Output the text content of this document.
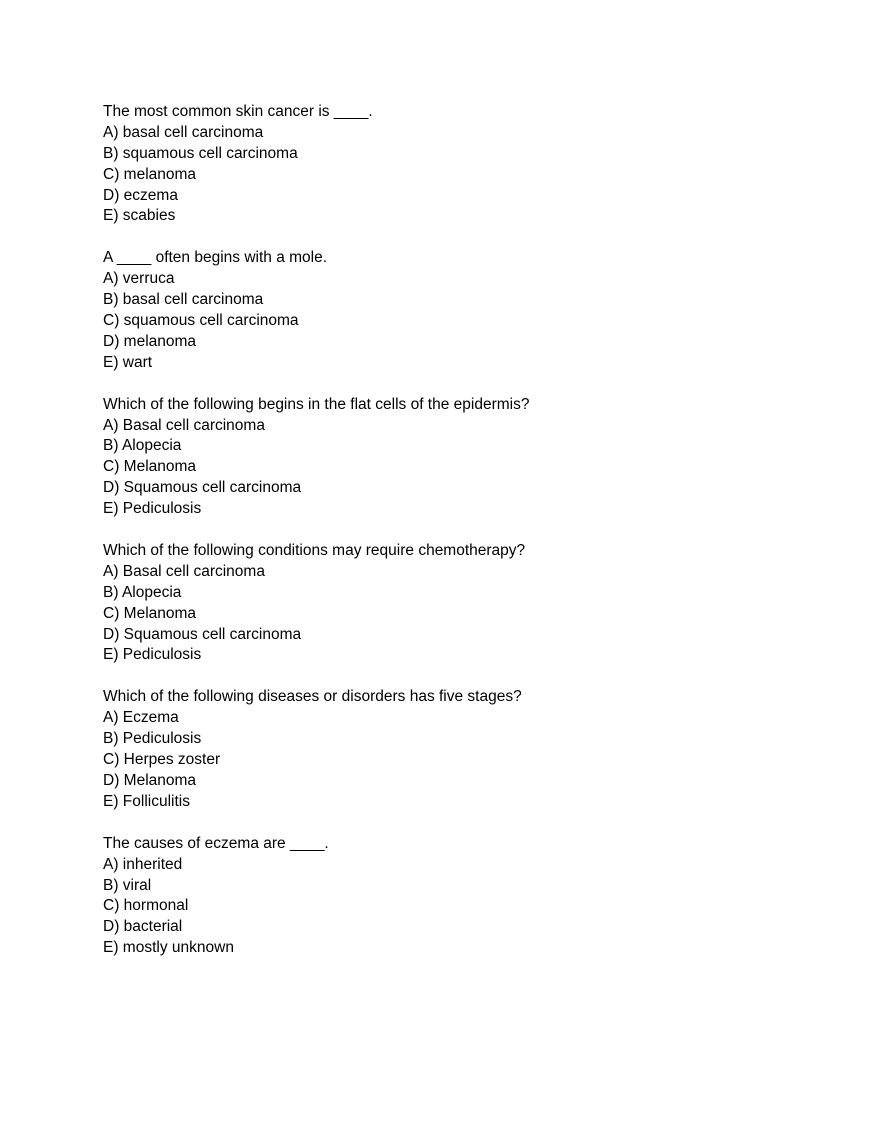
The most common skin cancer is ____.
A) basal cell carcinoma
B) squamous cell carcinoma
C) melanoma
D) eczema
E) scabies
A ____ often begins with a mole.
A) verruca
B) basal cell carcinoma
C) squamous cell carcinoma
D) melanoma
E) wart
Which of the following begins in the flat cells of the epidermis?
A) Basal cell carcinoma
B) Alopecia
C) Melanoma
D) Squamous cell carcinoma
E) Pediculosis
Which of the following conditions may require chemotherapy?
A) Basal cell carcinoma
B) Alopecia
C) Melanoma
D) Squamous cell carcinoma
E) Pediculosis
Which of the following diseases or disorders has five stages?
A) Eczema
B) Pediculosis
C) Herpes zoster
D) Melanoma
E) Folliculitis
The causes of eczema are ____.
A) inherited
B) viral
C) hormonal
D) bacterial
E) mostly unknown
